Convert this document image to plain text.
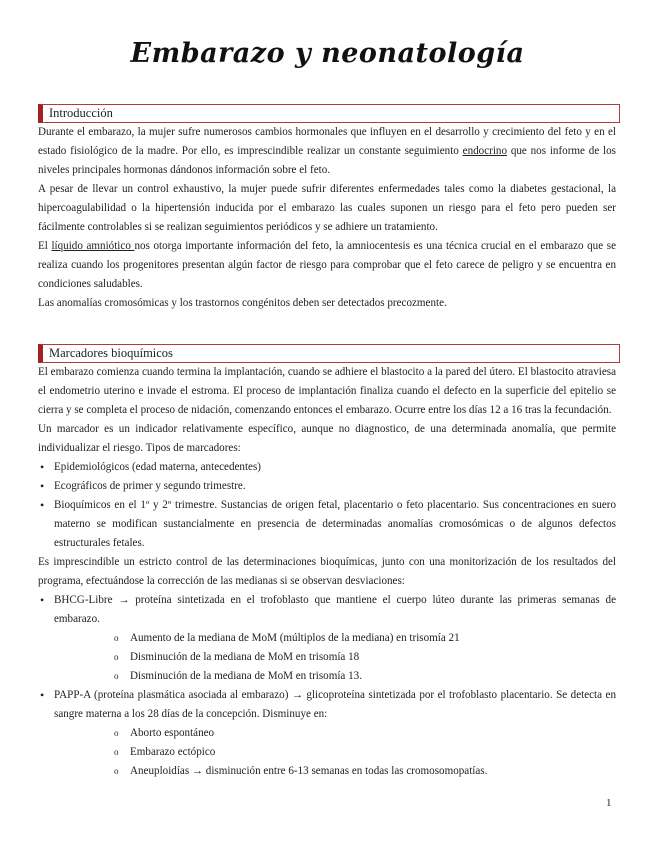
Embarazo y neonatología
Introducción

Durante el embarazo, la mujer sufre numerosos cambios hormonales que influyen en el desarrollo y crecimiento del feto y en el estado fisiológico de la madre. Por ello, es imprescindible realizar un constante seguimiento endocrino que nos informe de los niveles principales hormonas dándonos información sobre el feto.

A pesar de llevar un control exhaustivo, la mujer puede sufrir diferentes enfermedades tales como la diabetes gestacional, la hipercoagulabilidad o la hipertensión inducida por el embarazo las cuales suponen un riesgo para el feto pero pueden ser fácilmente controlables si se realizan seguimientos periódicos y se adhiere un tratamiento.

El líquido amniótico nos otorga importante información del feto, la amniocentesis es una técnica crucial en el embarazo que se realiza cuando los progenitores presentan algún factor de riesgo para comprobar que el feto carece de peligro y se encuentra en condiciones saludables.

Las anomalías cromosómicas y los trastornos congénitos deben ser detectados precozmente.

Marcadores bioquímicos

El embarazo comienza cuando termina la implantación, cuando se adhiere el blastocito a la pared del útero. El blastocito atraviesa el endometrio uterino e invade el estroma. El proceso de implantación finaliza cuando el defecto en la superficie del epitelio se cierra y se completa el proceso de nidación, comenzando entonces el embarazo. Ocurre entre los días 12 a 16 tras la fecundación.

Un marcador es un indicador relativamente específico, aunque no diagnostico, de una determinada anomalía, que permite individualizar el riesgo. Tipos de marcadores:

• Epidemiológicos (edad materna, antecedentes)
• Ecográficos de primer y segundo trimestre.
• Bioquímicos en el 1º y 2º trimestre. Sustancias de origen fetal, placentario o feto placentario. Sus concentraciones en suero materno se modifican sustancialmente en presencia de determinadas anomalías cromosómicas o de algunos defectos estructurales fetales.

Es imprescindible un estricto control de las determinaciones bioquímicas, junto con una monitorización de los resultados del programa, efectuándose la corrección de las medianas si se observan desviaciones:

• BHCG-Libre → proteína sintetizada en el trofoblasto que mantiene el cuerpo lúteo durante las primeras semanas de embarazo.
o Aumento de la mediana de MoM (múltiplos de la mediana) en trisomía 21
o Disminución de la mediana de MoM en trisomía 18
o Disminución de la mediana de MoM en trisomía 13.
• PAPP-A (proteína plasmática asociada al embarazo) → glicoproteína sintetizada por el trofoblasto placentario. Se detecta en sangre materna a los 28 días de la concepción. Disminuye en:
o Aborto espontáneo
o Embarazo ectópico
o Aneuploidías → disminución entre 6-13 semanas en todas las cromosomopatías.
1
